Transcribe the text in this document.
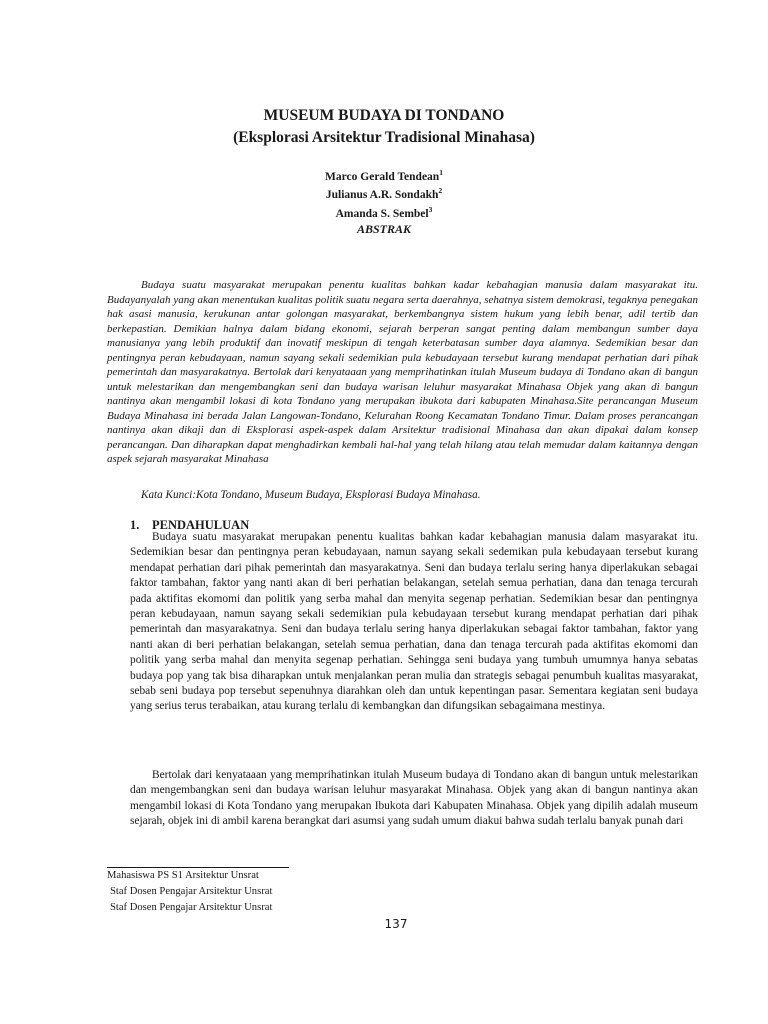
MUSEUM BUDAYA DI TONDANO
(Eksplorasi Arsitektur Tradisional Minahasa)
Marco Gerald Tendean$^1$
Julianus A.R. Sondakh$^2$
Amanda S. Sembel$^3$
ABSTRAK

Budaya suatu masyarakat merupakan penentu kualitas bahkan kadar kebahagian manusia dalam masyarakat itu. Budayanyalah yang akan menentukan kualitas politik suatu negara serta daerahnya, sehatnya sistem demokrasi, tegaknya penegakan hak asasi manusia, kerukunan antar golongan masyarakat, berkembangnya sistem hukum yang lebih benar, adil tertib dan berkepastian. Demikian halnya dalam bidang ekonomi, sejarah berperan sangat penting dalam membangun sumber daya manusianya yang lebih produktif dan inovatif meskipun di tengah keterbatasan sumber daya alamnya. Sedemikian besar dan pentingnya peran kebudayaan, namun sayang sekali sedemikian pula kebudayaan tersebut kurang mendapat perhatian dari pihak pemerintah dan masyarakatnya. Bertolak dari kenyataaan yang memprihatinkan itulah Museum budaya di Tondano akan di bangun untuk melestarikan dan mengembangkan seni dan budaya warisan leluhur masyarakat Minahasa Objek yang akan di bangun nantinya akan mengambil lokasi di kota Tondano yang merupakan ibukota dari kabupaten Minahasa.Site perancangan Museum Budaya Minahasa ini berada Jalan Langowan-Tondano, Kelurahan Roong Kecamatan Tondano Timur. Dalam proses perancangan nantinya akan dikaji dan di Eksplorasi aspek-aspek dalam Arsitektur tradisional Minahasa dan akan dipakai dalam konsep perancangan. Dan diharapkan dapat menghadirkan kembali hal-hal yang telah hilang atau telah memudar dalam kaitannya dengan aspek sejarah masyarakat Minahasa

Kata Kunci:Kota Tondano, Museum Budaya, Eksplorasi Budaya Minahasa.
1. PENDAHULUAN

Budaya suatu masyarakat merupakan penentu kualitas bahkan kadar kebahagian manusia dalam masyarakat itu. Sedemikian besar dan pentingnya peran kebudayaan, namun sayang sekali sedemikan pula kebudayaan tersebut kurang mendapat perhatian dari pihak pemerintah dan masyarakatnya. Seni dan budaya terlalu sering hanya diperlakukan sebagai faktor tambahan, faktor yang nanti akan di beri perhatian belakangan, setelah semua perhatian, dana dan tenaga tercurah pada aktifitas ekomomi dan politik yang serba mahal dan menyita segenap perhatian. Sedemikian besar dan pentingnya peran kebudayaan, namun sayang sekali sedemikian pula kebudayaan tersebut kurang mendapat perhatian dari pihak pemerintah dan masyarakatnya. Seni dan budaya terlalu sering hanya diperlakukan sebagai faktor tambahan, faktor yang nanti akan di beri perhatian belakangan, setelah semua perhatian, dana dan tenaga tercurah pada aktifitas ekomomi dan politik yang serba mahal dan menyita segenap perhatian. Sehingga seni budaya yang tumbuh umumnya hanya sebatas budaya pop yang tak bisa diharapkan untuk menjalankan peran mulia dan strategis sebagai penumbuh kualitas masyarakat, sebab seni budaya pop tersebut sepenuhnya diarahkan oleh dan untuk kepentingan pasar. Sementara kegiatan seni budaya yang serius terus terabaikan, atau kurang terlalu di kembangkan dan difungsikan sebagaimana mestinya.

Bertolak dari kenyataaan yang memprihatinkan itulah Museum budaya di Tondano akan di bangun untuk melestarikan dan mengembangkan seni dan budaya warisan leluhur masyarakat Minahasa. Objek yang akan di bangun nantinya akan mengambil lokasi di Kota Tondano yang merupakan Ibukota dari Kabupaten Minahasa. Objek yang dipilih adalah museum sejarah, objek ini di ambil karena berangkat dari asumsi yang sudah umum diakui bahwa sudah terlalu banyak punah dari

Mahasiswa PS S1 Arsitektur Unsrat
Staf Dosen Pengajar Arsitektur Unsrat
Staf Dosen Pengajar Arsitektur Unsrat
137
